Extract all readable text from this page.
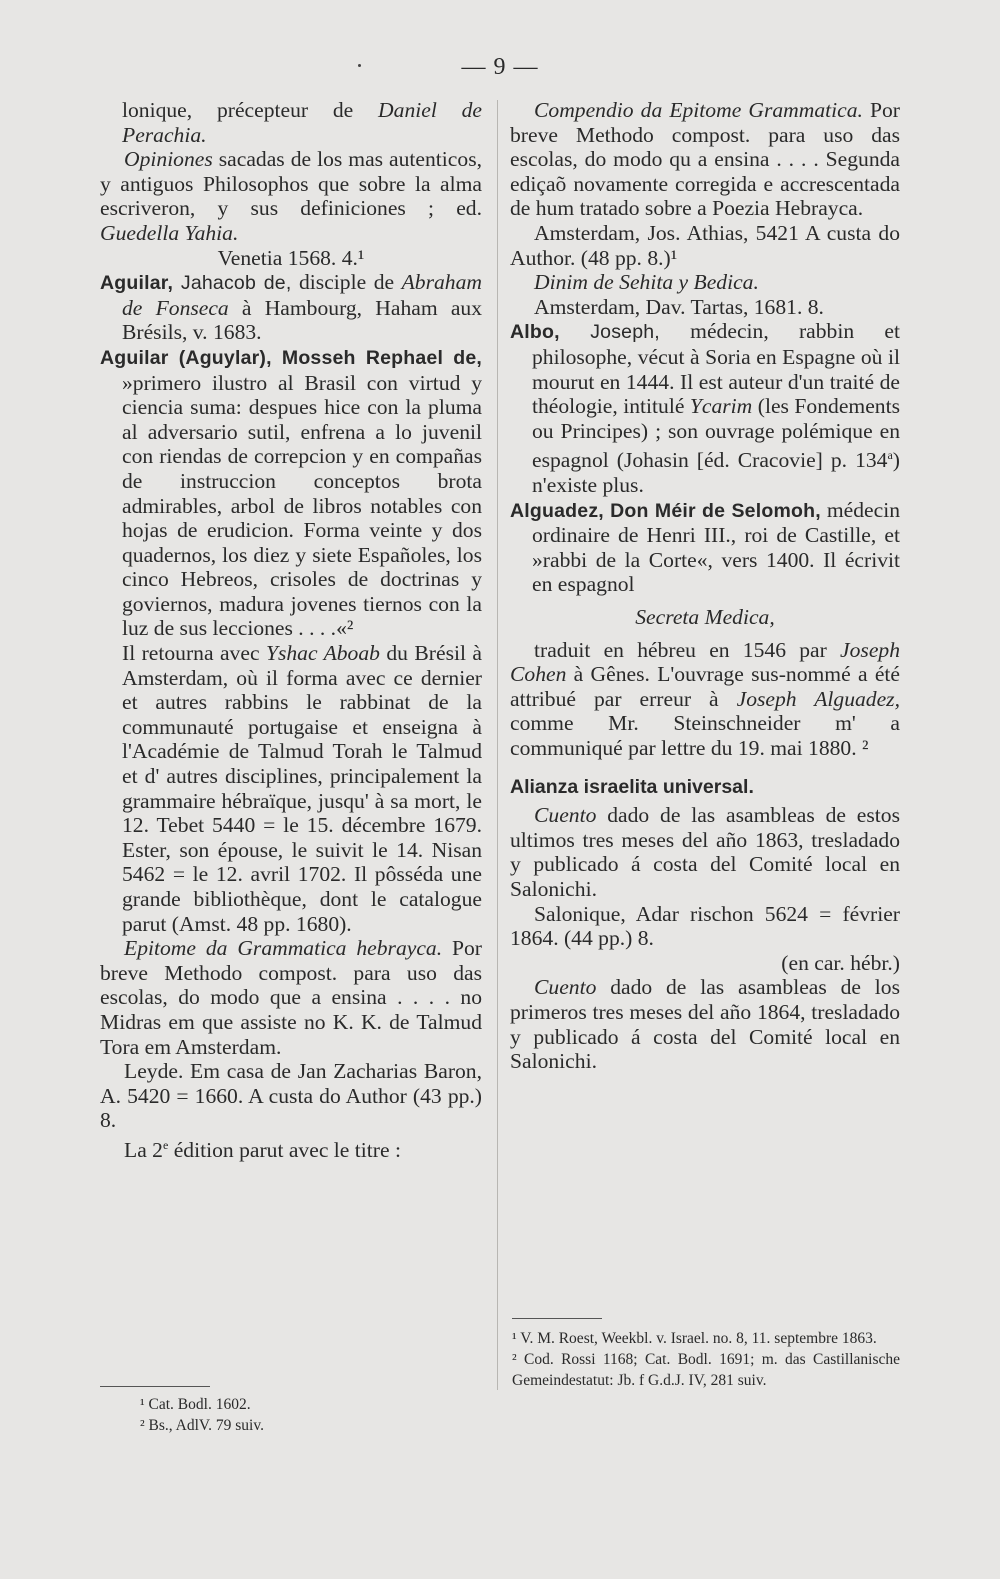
— 9 —

lonique, précepteur de Daniel de Perachia.

Opiniones sacadas de los mas autenticos, y antiguos Philosophos que sobre la alma escriveron, y sus definiciones ; ed. Guedella Yahia.

Venetia 1568. 4.¹

Aguilar, Jahacob de, disciple de Abraham de Fonseca à Hambourg, Haham aux Brésils, v. 1683.

Aguilar (Aguylar), Mosseh Rephael de, »primero ilustro al Brasil con virtud y ciencia suma: despues hice con la pluma al adversario sutil, enfrena a lo juvenil con riendas de correpcion y en compañas de instruccion conceptos brota admirables, arbol de libros notables con hojas de erudicion. Forma veinte y dos quadernos, los diez y siete Españoles, los cinco Hebreos, crisoles de doctrinas y goviernos, madura jovenes tiernos con la luz de sus lecciones . . . .«²

Il retourna avec Yshac Aboab du Brésil à Amsterdam, où il forma avec ce dernier et autres rabbins le rabbinat de la communauté portugaise et enseigna à l'Académie de Talmud Torah le Talmud et d' autres disciplines, principalement la grammaire hébraïque, jusqu' à sa mort, le 12. Tebet 5440 = le 15. décembre 1679. Ester, son épouse, le suivit le 14. Nisan 5462 = le 12. avril 1702. Il pôsséda une grande bibliothèque, dont le catalogue parut (Amst. 48 pp. 1680).

Epitome da Grammatica hebrayca. Por breve Methodo compost. para uso das escolas, do modo que a ensina . . . . no Midras em que assiste no K. K. de Talmud Tora em Amsterdam.

Leyde. Em casa de Jan Zacharias Baron, A. 5420 = 1660. A custa do Author (43 pp.) 8.

La 2e édition parut avec le titre :

¹ Cat. Bodl. 1602.

² Bs., AdlV. 79 suiv.

Compendio da Epitome Grammatica. Por breve Methodo compost. para uso das escolas, do modo qu a ensina . . . . Segunda ediçaõ novamente corregida e accrescentada de hum tratado sobre a Poezia Hebrayca.

Amsterdam, Jos. Athias, 5421 A custa do Author. (48 pp. 8.)¹

Dinim de Sehita y Bedica.

Amsterdam, Dav. Tartas, 1681. 8.

Albo, Joseph, médecin, rabbin et philosophe, vécut à Soria en Espagne où il mourut en 1444. Il est auteur d'un traité de théologie, intitulé Ycarim (les Fondements ou Principes) ; son ouvrage polémique en espagnol (Johasin [éd. Cracovie] p. 134$^a$) n'existe plus.

Alguadez, Don Méir de Selomoh, médecin ordinaire de Henri III., roi de Castille, et »rabbi de la Corte«, vers 1400. Il écrivit en espagnol

Secreta Medica,

traduit en hébreu en 1546 par Joseph Cohen à Gênes. L'ouvrage sus-nommé a été attribué par erreur à Joseph Alguadez, comme Mr. Steinschneider m' a communiqué par lettre du 19. mai 1880. ²

Alianza israelita universal.

Cuento dado de las asambleas de estos ultimos tres meses del año 1863, tresladado y publicado á costa del Comité local en Salonichi.

Salonique, Adar rischon 5624 = février 1864. (44 pp.) 8.

(en car. hébr.)

Cuento dado de las asambleas de los primeros tres meses del año 1864, tresladado y publicado á costa del Comité local en Salonichi.

¹ V. M. Roest, Weekbl. v. Israel. no. 8, 11. septembre 1863.

² Cod. Rossi 1168; Cat. Bodl. 1691; m. das Castillanische Gemeindestatut: Jb. f G.d.J. IV, 281 suiv.
